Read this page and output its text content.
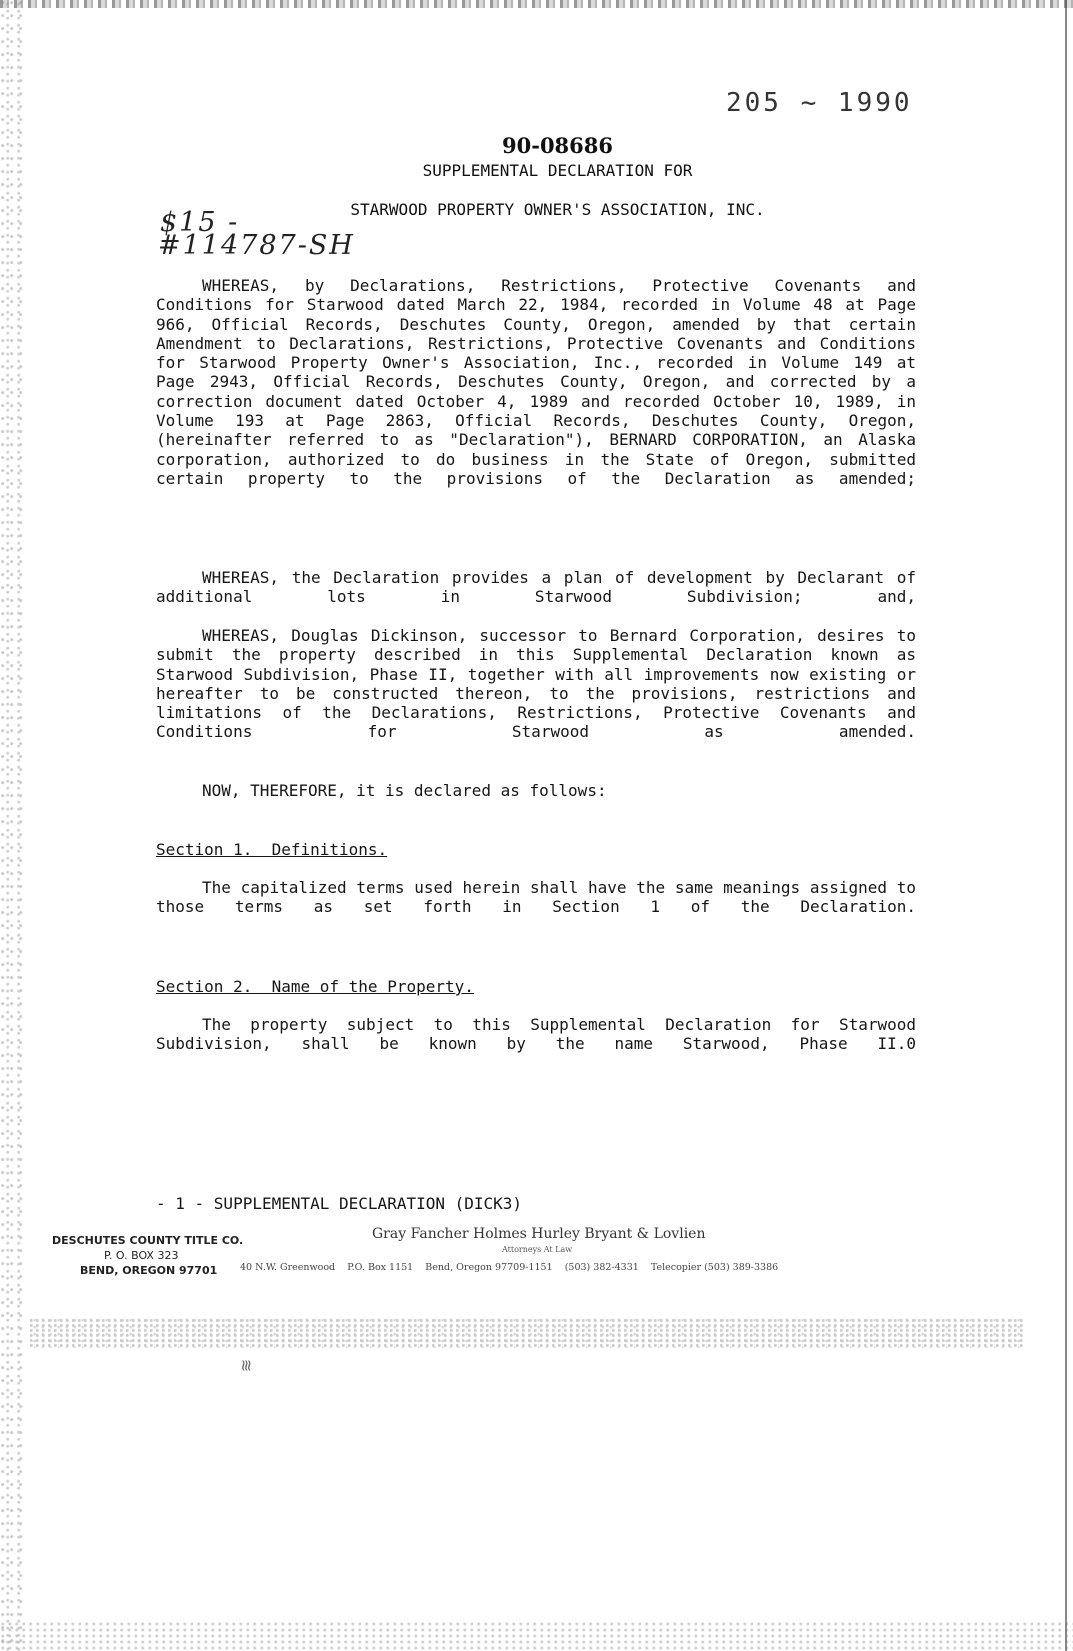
205 ~ 1990
90-08686
SUPPLEMENTAL DECLARATION FOR
STARWOOD PROPERTY OWNER'S ASSOCIATION, INC.
$15 -
#114787-SH

WHEREAS, by Declarations, Restrictions, Protective Covenants and Conditions for Starwood dated March 22, 1984, recorded in Volume 48 at Page 966, Official Records, Deschutes County, Oregon, amended by that certain Amendment to Declarations, Restrictions, Protective Covenants and Conditions for Starwood Property Owner's Association, Inc., recorded in Volume 149 at Page 2943, Official Records, Deschutes County, Oregon, and corrected by a correction document dated October 4, 1989 and recorded October 10, 1989, in Volume 193 at Page 2863, Official Records, Deschutes County, Oregon, (hereinafter referred to as "Declaration"), BERNARD CORPORATION, an Alaska corporation, authorized to do business in the State of Oregon, submitted certain property to the provisions of the Declaration as amended;

WHEREAS, the Declaration provides a plan of development by Declarant of additional lots in Starwood Subdivision; and,

WHEREAS, Douglas Dickinson, successor to Bernard Corporation, desires to submit the property described in this Supplemental Declaration known as Starwood Subdivision, Phase II, together with all improvements now existing or hereafter to be constructed thereon, to the provisions, restrictions and limitations of the Declarations, Restrictions, Protective Covenants and Conditions for Starwood as amended.

NOW, THEREFORE, it is declared as follows:

Section 1.  Definitions.

The capitalized terms used herein shall have the same meanings assigned to those terms as set forth in Section 1 of the Declaration.

Section 2.  Name of the Property.

The property subject to this Supplemental Declaration for Starwood Subdivision, shall be known by the name Starwood, Phase II.0

- 1 - SUPPLEMENTAL DECLARATION (DICK3)
DESCHUTES COUNTY TITLE CO.
P. O. BOX 323
BEND, OREGON 97701
Gray Fancher Holmes Hurley Bryant & Lovlien
Attorneys At Law
40 N.W. Greenwood    P.O. Box 1151    Bend, Oregon 97709-1151    (503) 382-4331    Telecopier (503) 389-3386
≋
